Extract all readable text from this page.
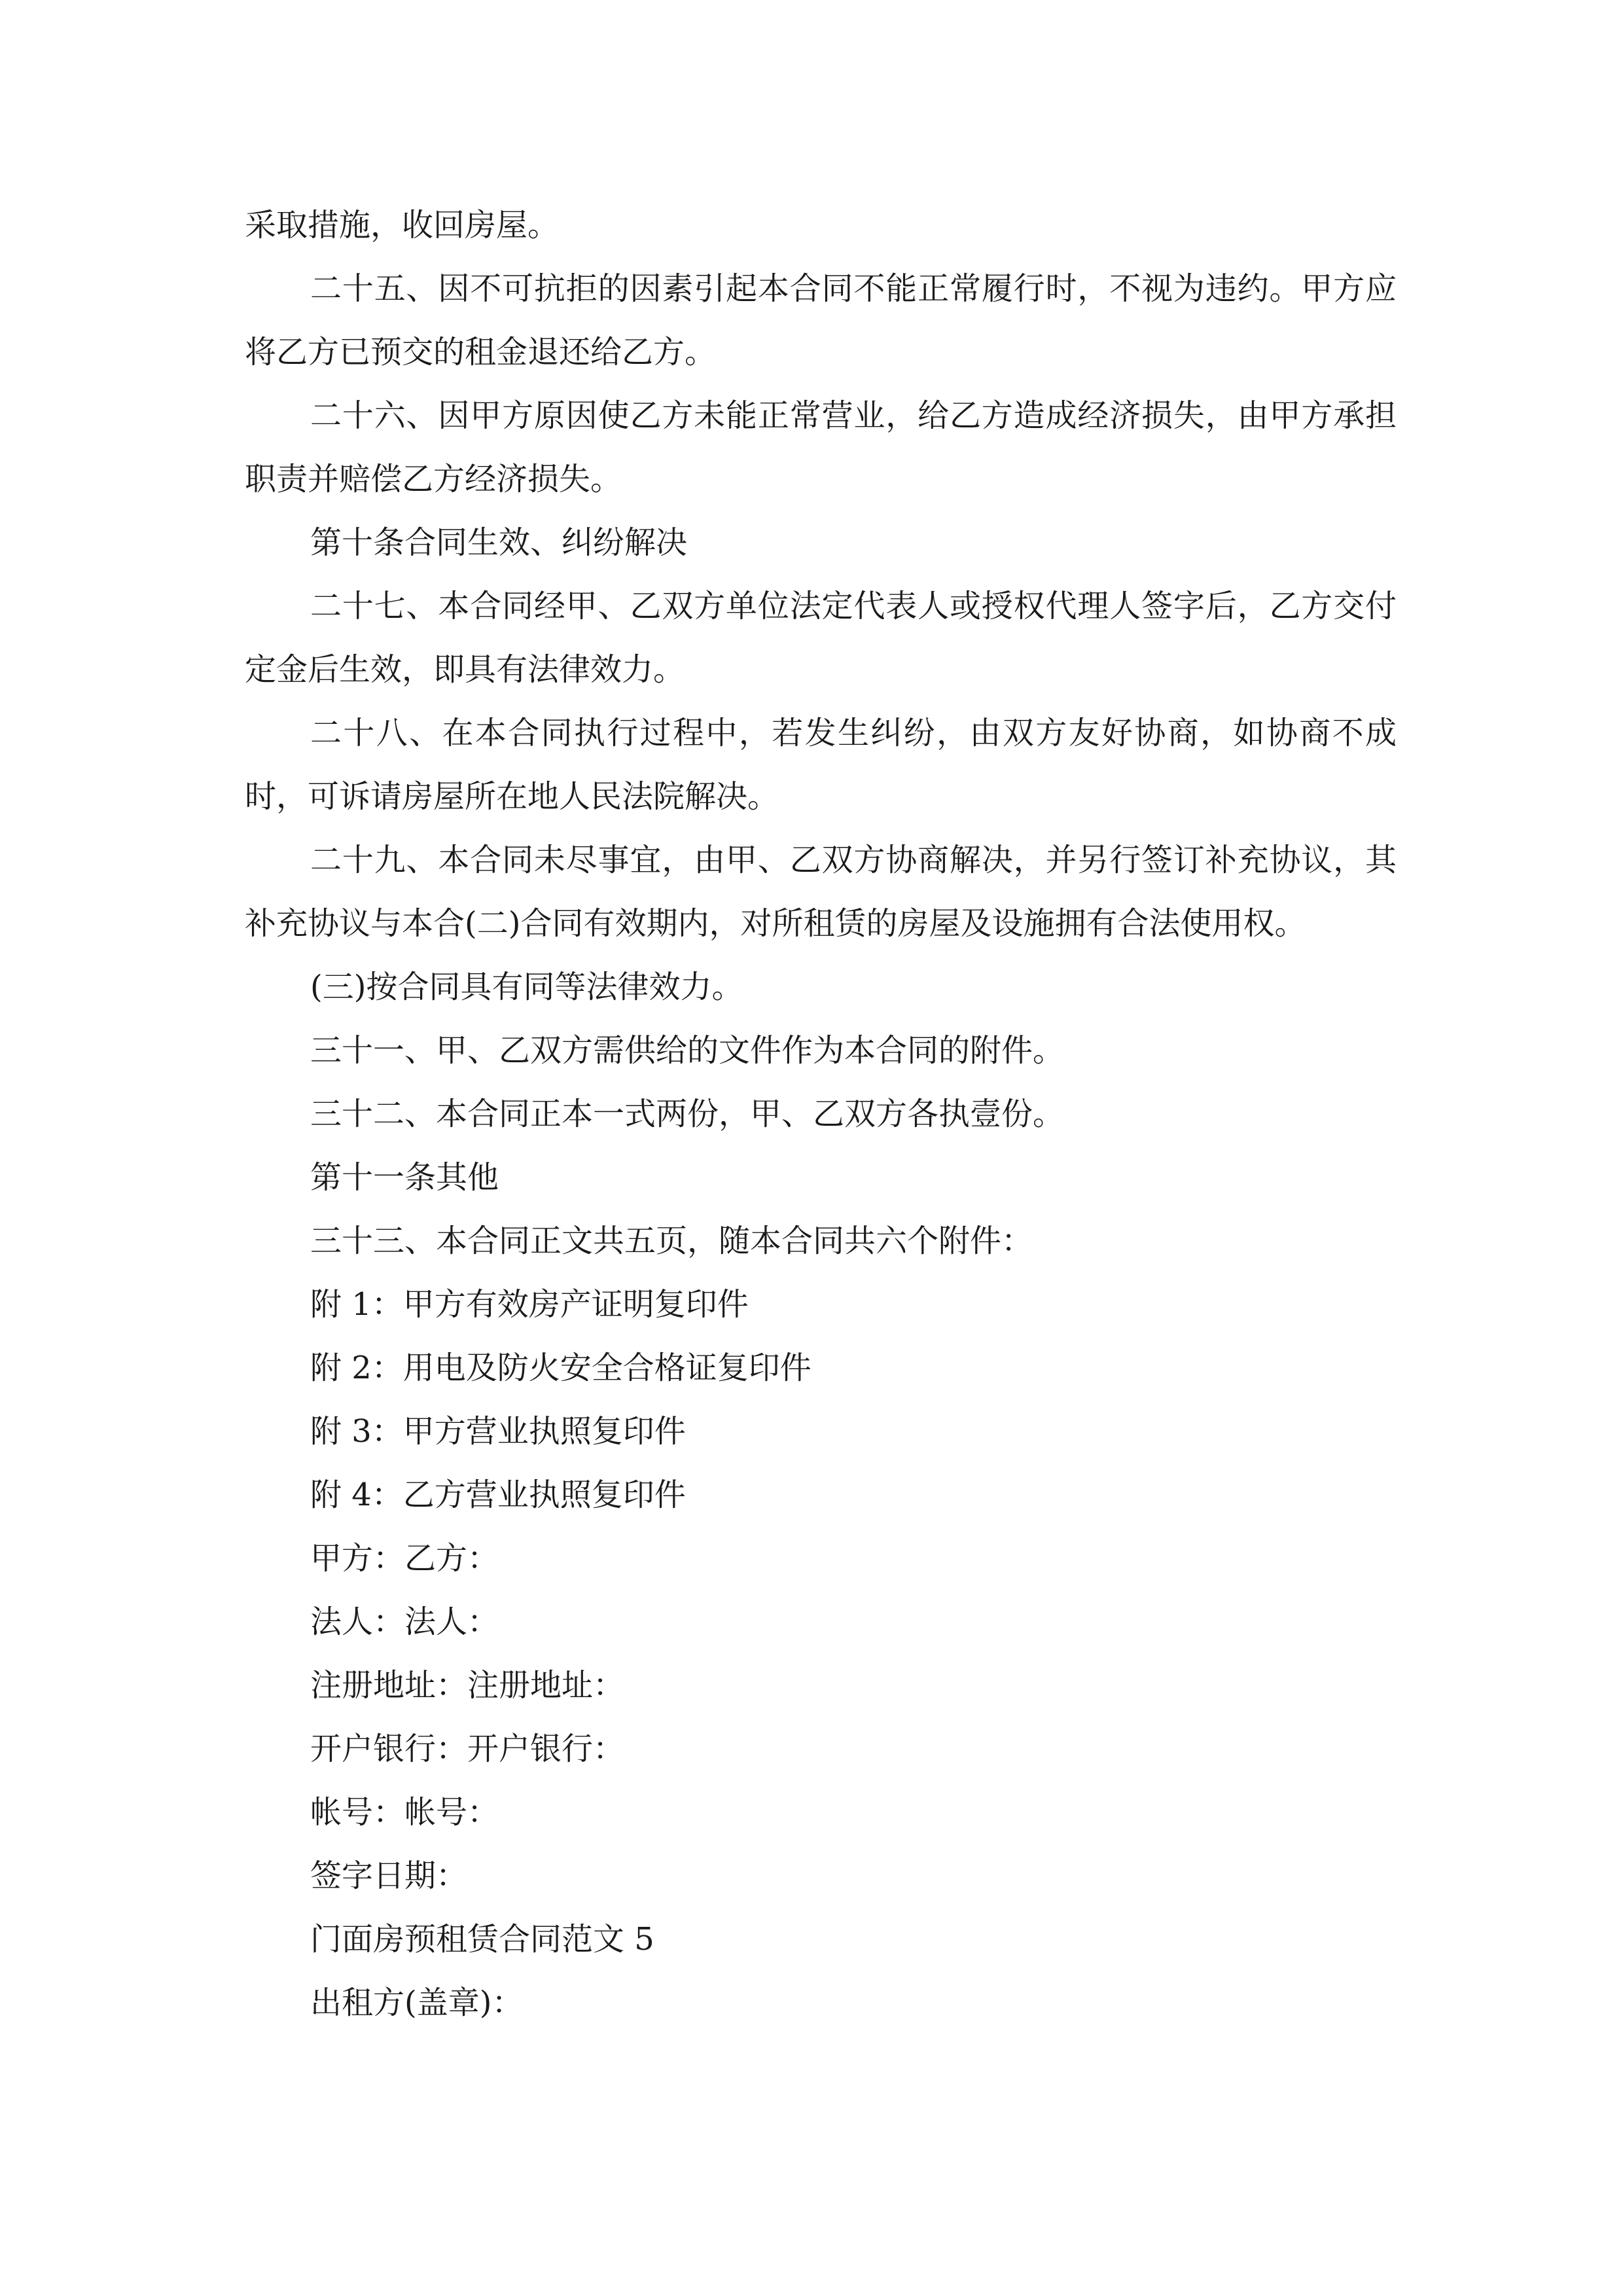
采取措施，收回房屋。

二十五、因不可抗拒的因素引起本合同不能正常履行时，不视为违约。甲方应将乙方已预交的租金退还给乙方。

二十六、因甲方原因使乙方未能正常营业，给乙方造成经济损失，由甲方承担职责并赔偿乙方经济损失。

第十条合同生效、纠纷解决

二十七、本合同经甲、乙双方单位法定代表人或授权代理人签字后，乙方交付定金后生效，即具有法律效力。

二十八、在本合同执行过程中，若发生纠纷，由双方友好协商，如协商不成时，可诉请房屋所在地人民法院解决。

二十九、本合同未尽事宜，由甲、乙双方协商解决，并另行签订补充协议，其补充协议与本合(二)合同有效期内，对所租赁的房屋及设施拥有合法使用权。

(三)按合同具有同等法律效力。

三十一、甲、乙双方需供给的文件作为本合同的附件。

三十二、本合同正本一式两份，甲、乙双方各执壹份。

第十一条其他

三十三、本合同正文共五页，随本合同共六个附件：

附 1：甲方有效房产证明复印件

附 2：用电及防火安全合格证复印件

附 3：甲方营业执照复印件

附 4：乙方营业执照复印件

甲方：乙方：

法人：法人：

注册地址：注册地址：

开户银行：开户银行：

帐号：帐号：

签字日期：

门面房预租赁合同范文 5

出租方(盖章)：
